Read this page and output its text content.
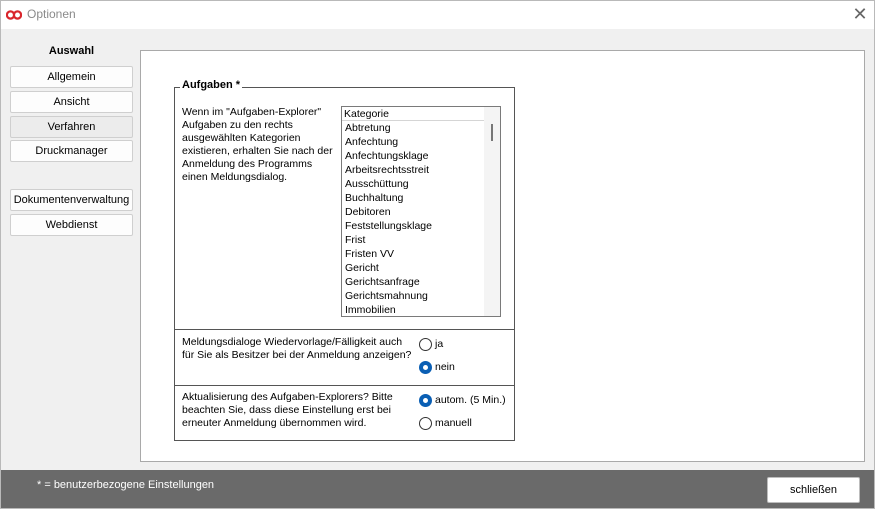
Optionen	✕
Auswahl
Allgemein
Ansicht
Verfahren
Druckmanager
Dokumentenverwaltung
Webdienst
Aufgaben *
Wenn im "Aufgaben-Explorer" Aufgaben zu den rechts ausgewählten Kategorien existieren, erhalten Sie nach der Anmeldung des Programms einen Meldungsdialog.
Kategorie
Abtretung
Anfechtung
Anfechtungsklage
Arbeitsrechtsstreit
Ausschüttung
Buchhaltung
Debitoren
Feststellungsklage
Frist
Fristen VV
Gericht
Gerichtsanfrage
Gerichtsmahnung
Immobilien
Meldungsdialoge Wiedervorlage/Fälligkeit auch für Sie als Besitzer bei der Anmeldung anzeigen?
ja
nein
Aktualisierung des Aufgaben-Explorers? Bitte beachten Sie, dass diese Einstellung erst bei erneuter Anmeldung übernommen wird.
autom. (5 Min.)
manuell
* = benutzerbezogene Einstellungen	schließen
